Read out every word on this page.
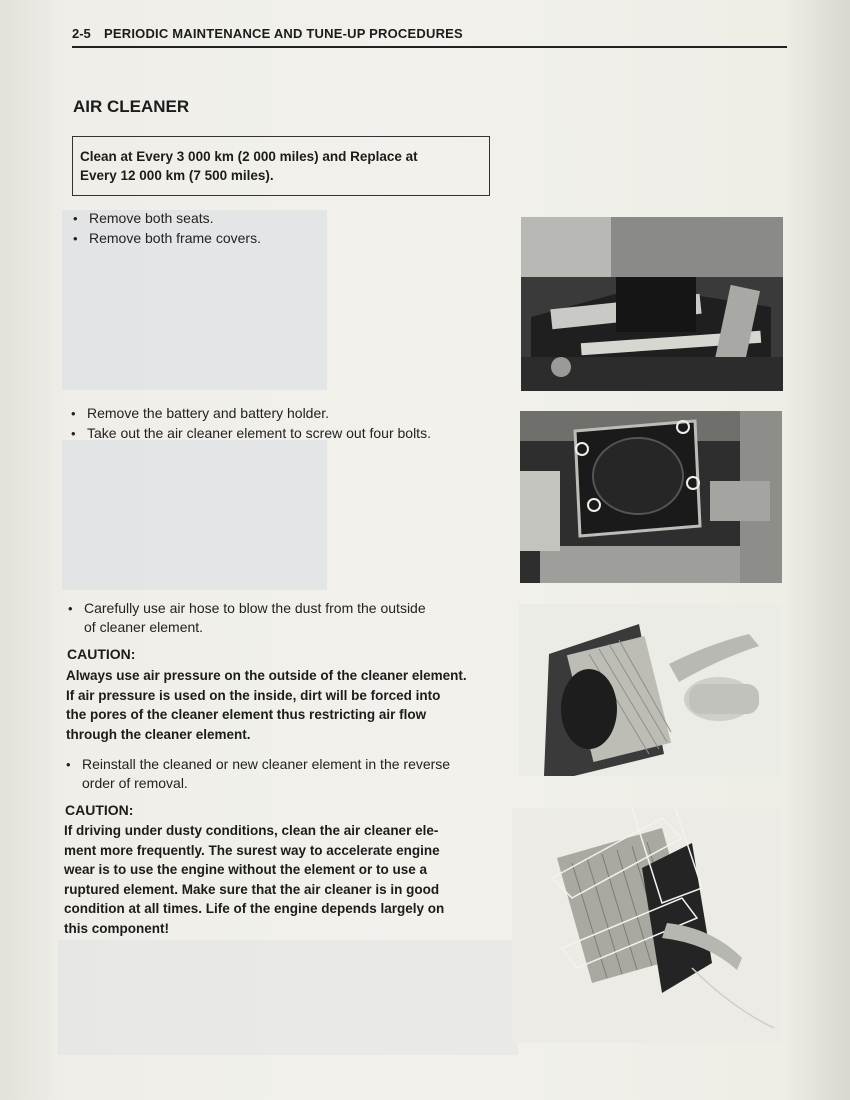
2-5 PERIODIC MAINTENANCE AND TUNE-UP PROCEDURES
AIR CLEANER
Clean at Every 3 000 km (2 000 miles) and Replace at
Every 12 000 km (7 500 miles).
• Remove both seats.
• Remove both frame covers.
• Remove the battery and battery holder.
• Take out the air cleaner element to screw out four bolts.
• Carefully use air hose to blow the dust from the outside
of cleaner element.
CAUTION:
Always use air pressure on the outside of the cleaner element.
If air pressure is used on the inside, dirt will be forced into
the pores of the cleaner element thus restricting air flow
through the cleaner element.
• Reinstall the cleaned or new cleaner element in the reverse
order of removal.
CAUTION:
If driving under dusty conditions, clean the air cleaner ele-
ment more frequently. The surest way to accelerate engine
wear is to use the engine without the element or to use a
ruptured element. Make sure that the air cleaner is in good
condition at all times. Life of the engine depends largely on
this component!
